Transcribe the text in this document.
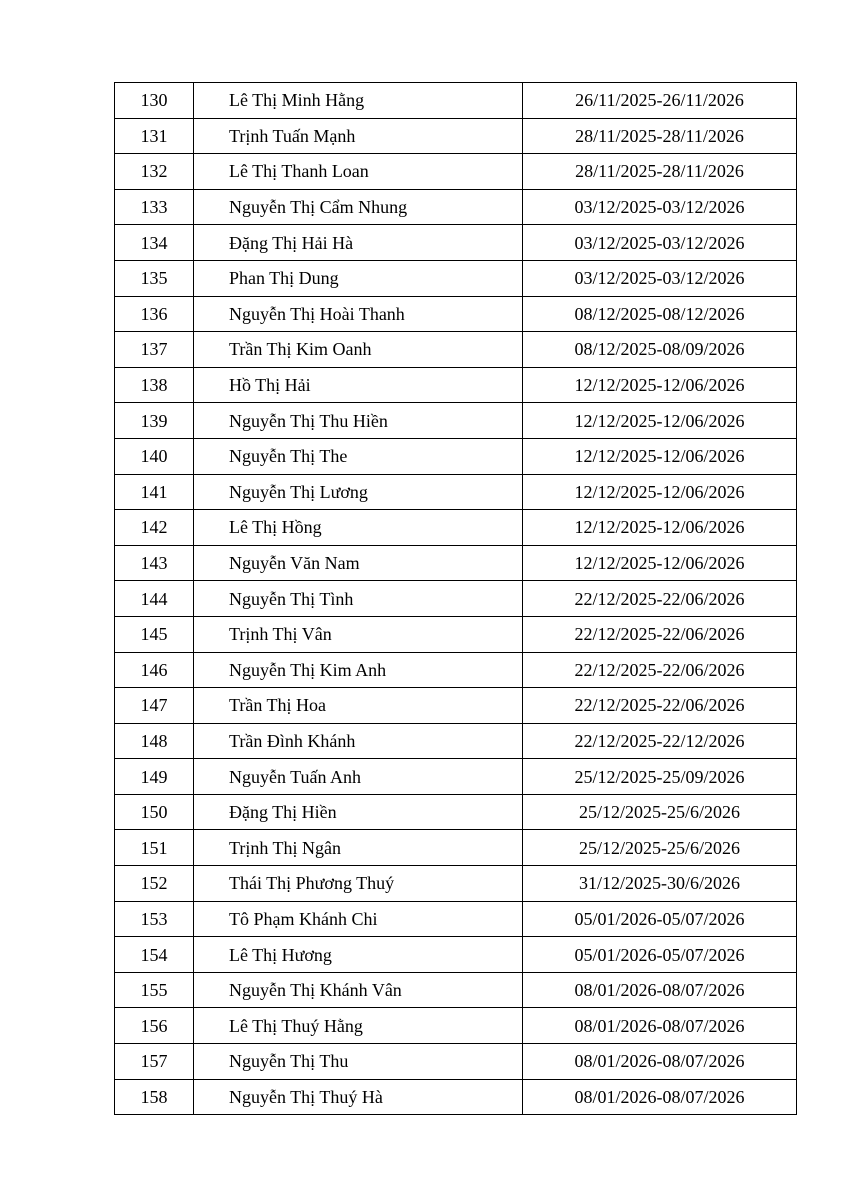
130	Lê Thị Minh Hằng	26/11/2025-26/11/2026
131	Trịnh Tuấn Mạnh	28/11/2025-28/11/2026
132	Lê Thị Thanh Loan	28/11/2025-28/11/2026
133	Nguyễn Thị Cẩm Nhung	03/12/2025-03/12/2026
134	Đặng Thị Hải Hà	03/12/2025-03/12/2026
135	Phan Thị Dung	03/12/2025-03/12/2026
136	Nguyễn Thị Hoài Thanh	08/12/2025-08/12/2026
137	Trần Thị Kim Oanh	08/12/2025-08/09/2026
138	Hồ Thị Hải	12/12/2025-12/06/2026
139	Nguyễn Thị Thu Hiền	12/12/2025-12/06/2026
140	Nguyễn Thị The	12/12/2025-12/06/2026
141	Nguyễn Thị Lương	12/12/2025-12/06/2026
142	Lê Thị Hồng	12/12/2025-12/06/2026
143	Nguyễn Văn Nam	12/12/2025-12/06/2026
144	Nguyễn Thị Tình	22/12/2025-22/06/2026
145	Trịnh Thị Vân	22/12/2025-22/06/2026
146	Nguyễn Thị Kim Anh	22/12/2025-22/06/2026
147	Trần Thị Hoa	22/12/2025-22/06/2026
148	Trần Đình Khánh	22/12/2025-22/12/2026
149	Nguyễn Tuấn Anh	25/12/2025-25/09/2026
150	Đặng Thị Hiền	25/12/2025-25/6/2026
151	Trịnh Thị Ngân	25/12/2025-25/6/2026
152	Thái Thị Phương Thuý	31/12/2025-30/6/2026
153	Tô Phạm Khánh Chi	05/01/2026-05/07/2026
154	Lê Thị Hương	05/01/2026-05/07/2026
155	Nguyễn Thị Khánh Vân	08/01/2026-08/07/2026
156	Lê Thị Thuý Hằng	08/01/2026-08/07/2026
157	Nguyễn Thị Thu	08/01/2026-08/07/2026
158	Nguyễn Thị Thuý Hà	08/01/2026-08/07/2026
